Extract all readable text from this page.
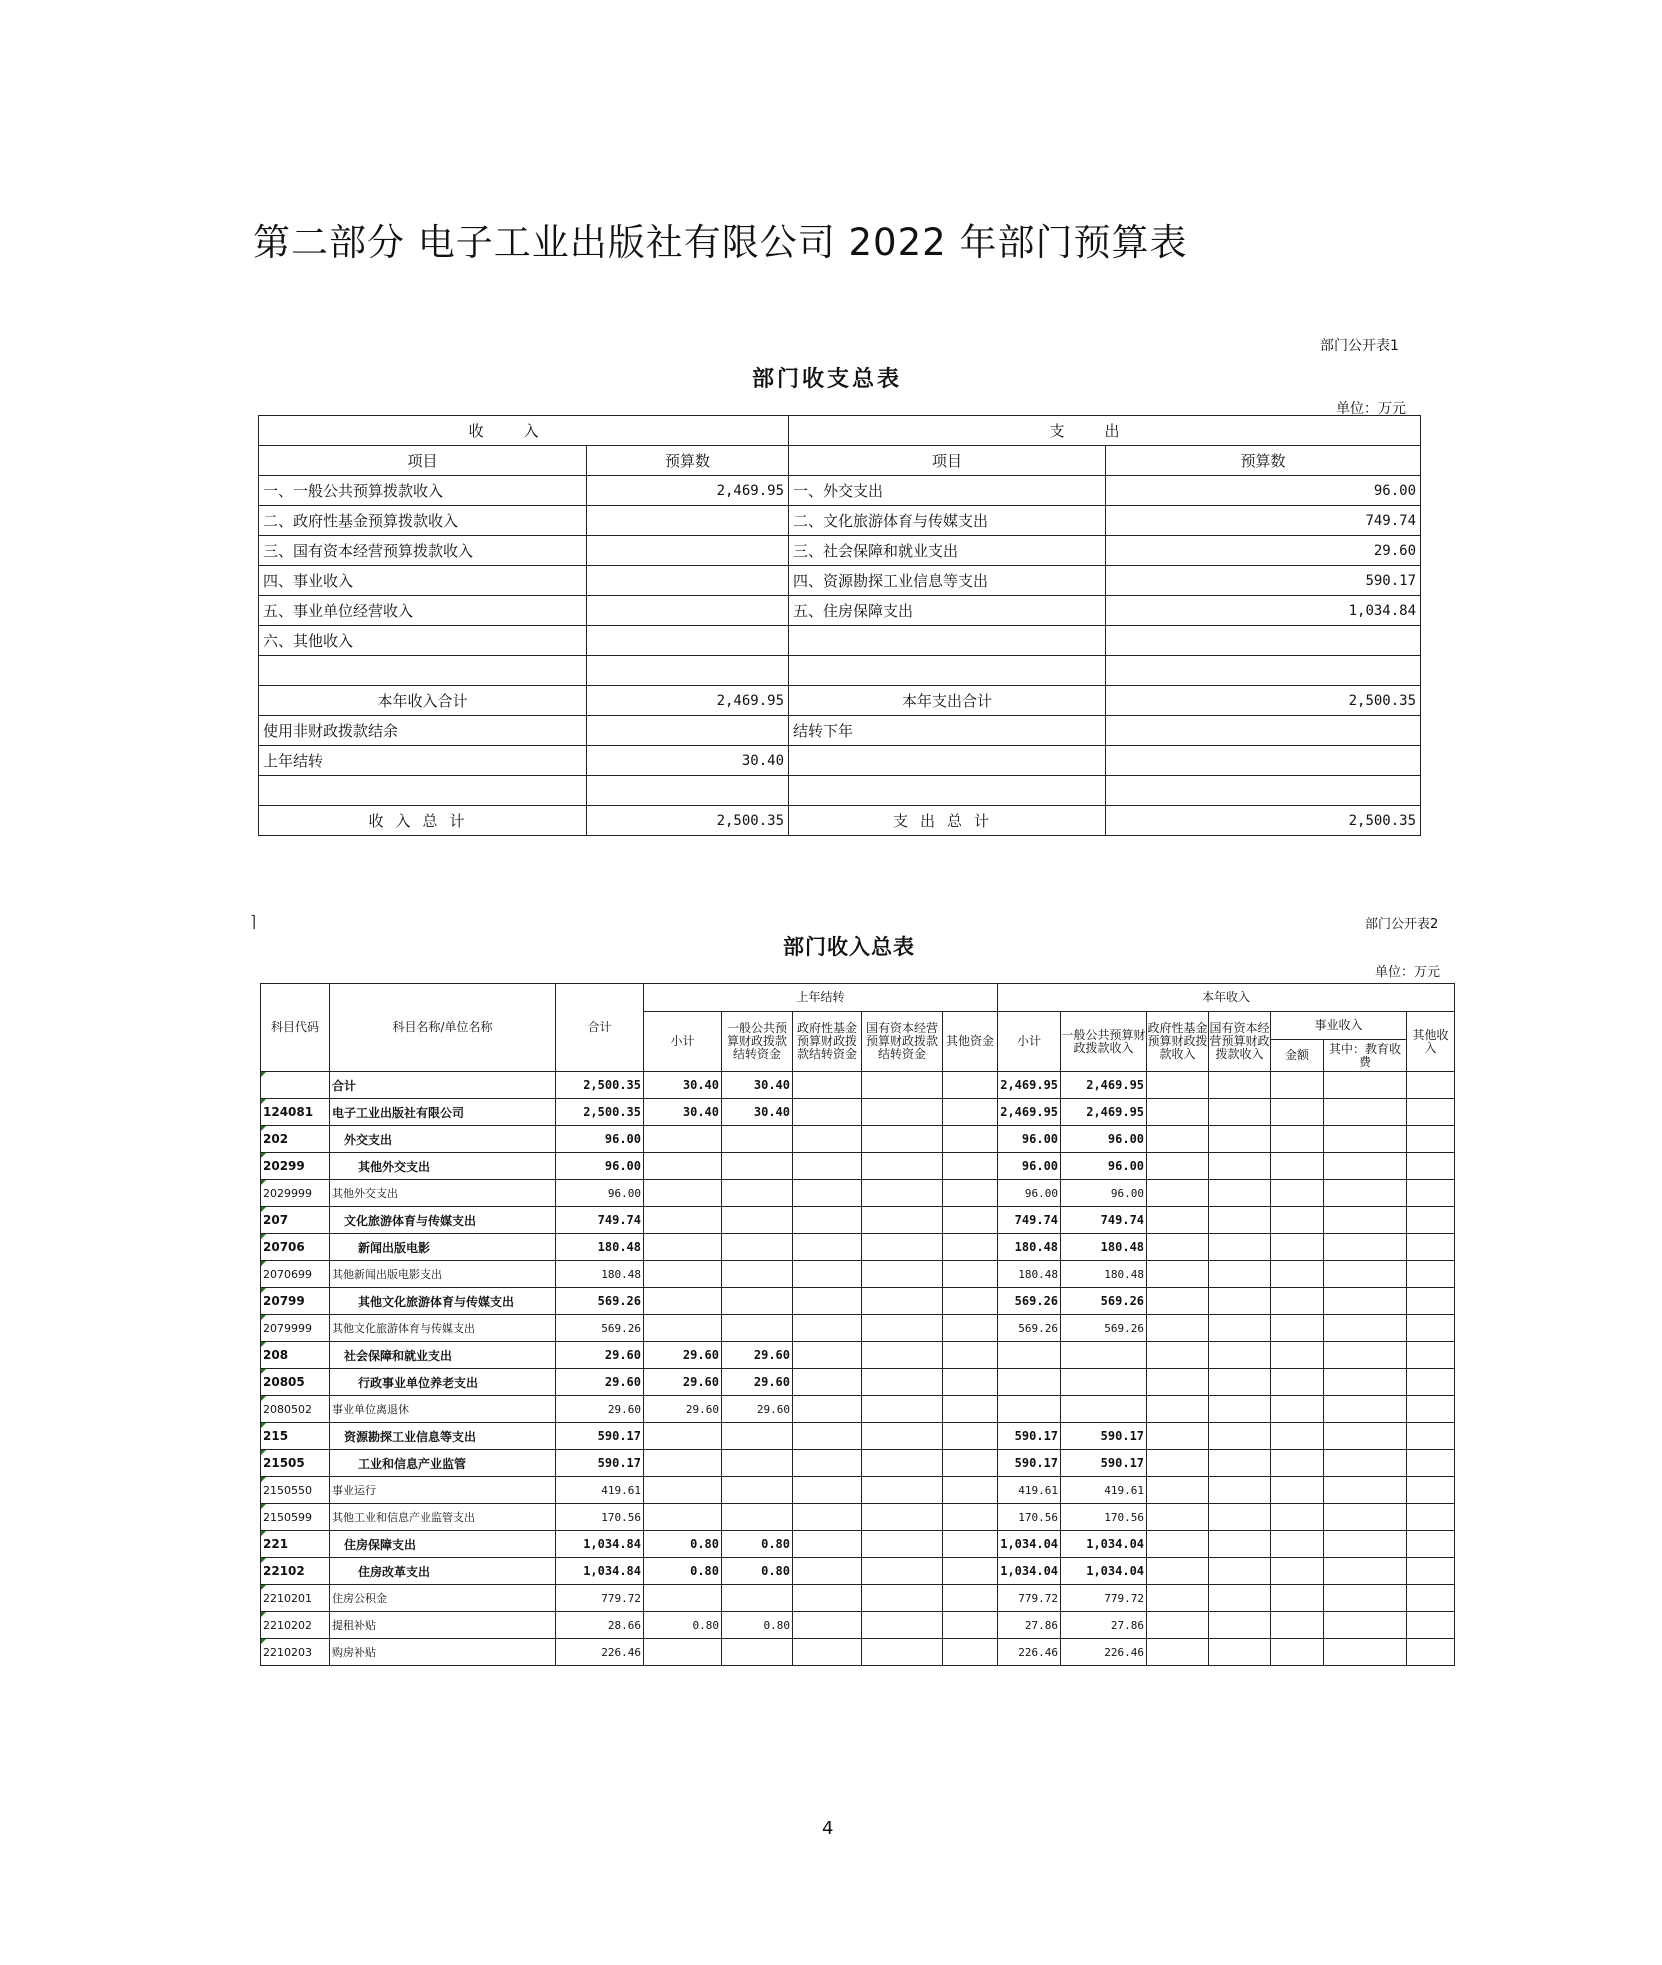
第二部分 电子工业出版社有限公司 2022 年部门预算表
部门公开表1
部门收支总表
单位：万元
收入		支出	
项目	预算数	项目	预算数
一、一般公共预算拨款收入	2,469.95	一、外交支出	96.00
二、政府性基金预算拨款收入		二、文化旅游体育与传媒支出	749.74
三、国有资本经营预算拨款收入		三、社会保障和就业支出	29.60
四、事业收入		四、资源勘探工业信息等支出	590.17
五、事业单位经营收入		五、住房保障支出	1,034.84
六、其他收入			

本年收入合计	2,469.95	本年支出合计	2,500.35
使用非财政拨款结余		结转下年	
上年结转	30.40		

收入总计	2,500.35	支出总计	2,500.35
⌉	部门公开表2
部门收入总表
单位：万元
科目代码	科目名称/单位名称	合计	上年结转					本年收入						
			小计	一般公共预算财政拨款结转资金	政府性基金预算财政拨款结转资金	国有资本经营预算财政拨款结转资金	其他资金	小计	一般公共预算财政拨款收入	政府性基金预算财政拨款收入	国有资本经营预算财政拨款收入	事业收入		其他收入
												金额	其中：教育收费	
	合计	2,500.35	30.40	30.40				2,469.95	2,469.95					
124081	电子工业出版社有限公司	2,500.35	30.40	30.40				2,469.95	2,469.95					
202	外交支出	96.00						96.00	96.00					
20299	其他外交支出	96.00						96.00	96.00					
2029999	其他外交支出	96.00						96.00	96.00					
207	文化旅游体育与传媒支出	749.74						749.74	749.74					
20706	新闻出版电影	180.48						180.48	180.48					
2070699	其他新闻出版电影支出	180.48						180.48	180.48					
20799	其他文化旅游体育与传媒支出	569.26						569.26	569.26					
2079999	其他文化旅游体育与传媒支出	569.26						569.26	569.26					
208	社会保障和就业支出	29.60	29.60	29.60										
20805	行政事业单位养老支出	29.60	29.60	29.60										
2080502	事业单位离退休	29.60	29.60	29.60										
215	资源勘探工业信息等支出	590.17						590.17	590.17					
21505	工业和信息产业监管	590.17						590.17	590.17					
2150550	事业运行	419.61						419.61	419.61					
2150599	其他工业和信息产业监管支出	170.56						170.56	170.56					
221	住房保障支出	1,034.84	0.80	0.80				1,034.04	1,034.04					
22102	住房改革支出	1,034.84	0.80	0.80				1,034.04	1,034.04					
2210201	住房公积金	779.72						779.72	779.72					
2210202	提租补贴	28.66	0.80	0.80				27.86	27.86					
2210203	购房补贴	226.46						226.46	226.46					
4
